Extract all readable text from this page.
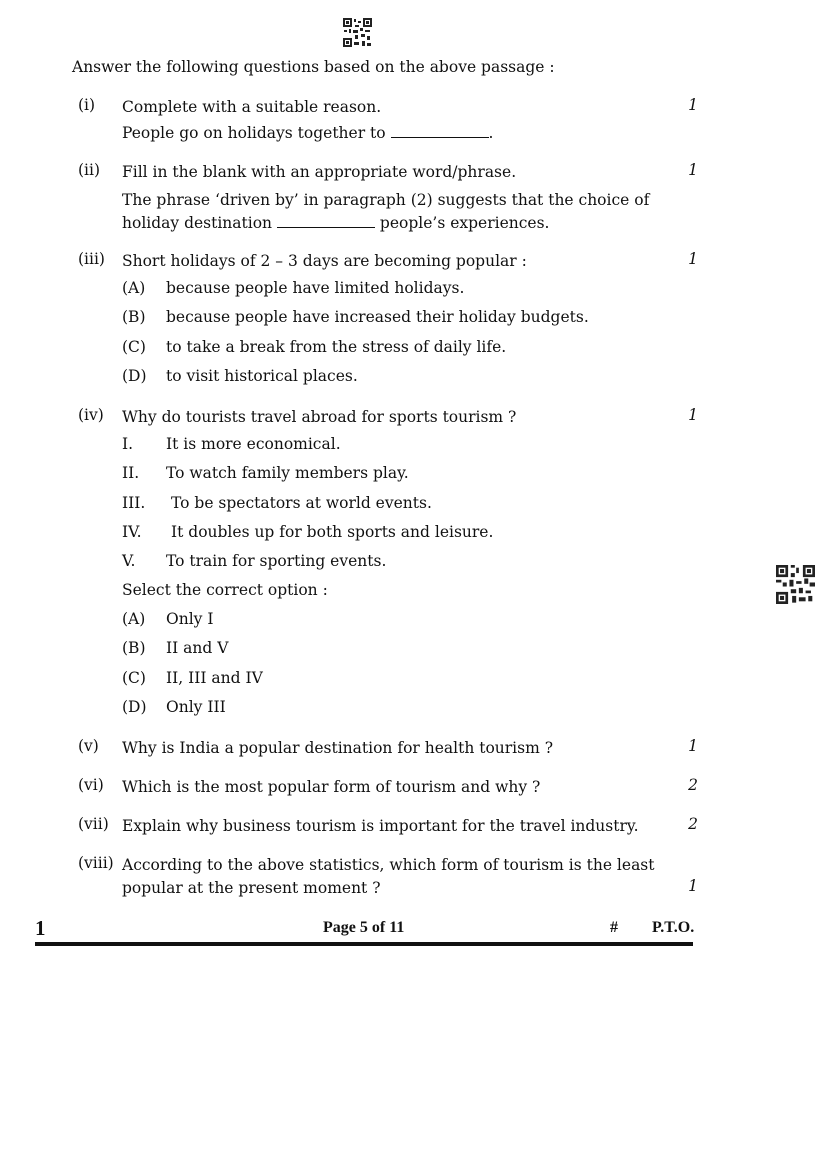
Answer the following questions based on the above passage :
(i)	Complete with a suitable reason.
People go on holidays together to	.
1
(ii)	Fill in the blank with an appropriate word/phrase.
The phrase ‘driven by’ in paragraph (2) suggests that the choice of
holiday destination	people’s experiences.
1
(iii)	Short holidays of 2 – 3 days are becoming popular :	1
(A) because people have limited holidays.
(B) because people have increased their holiday budgets.
(C) to take a break from the stress of daily life.
(D) to visit historical places.
(iv)	Why do tourists travel abroad for sports tourism ?	1
I. It is more economical.
II. To watch family members play.
III. To be spectators at world events.
IV. It doubles up for both sports and leisure.
V. To train for sporting events.
Select the correct option :
(A) Only I
(B) II and V
(C) II, III and IV
(D) Only III
(v)	Why is India a popular destination for health tourism ?	1
(vi)	Which is the most popular form of tourism and why ?	2
(vii) Explain why business tourism is important for the travel industry.	2
(viii) According to the above statistics, which form of tourism is the least
popular at the present moment ?	1
1	Page 5 of 11	# P.T.O.
